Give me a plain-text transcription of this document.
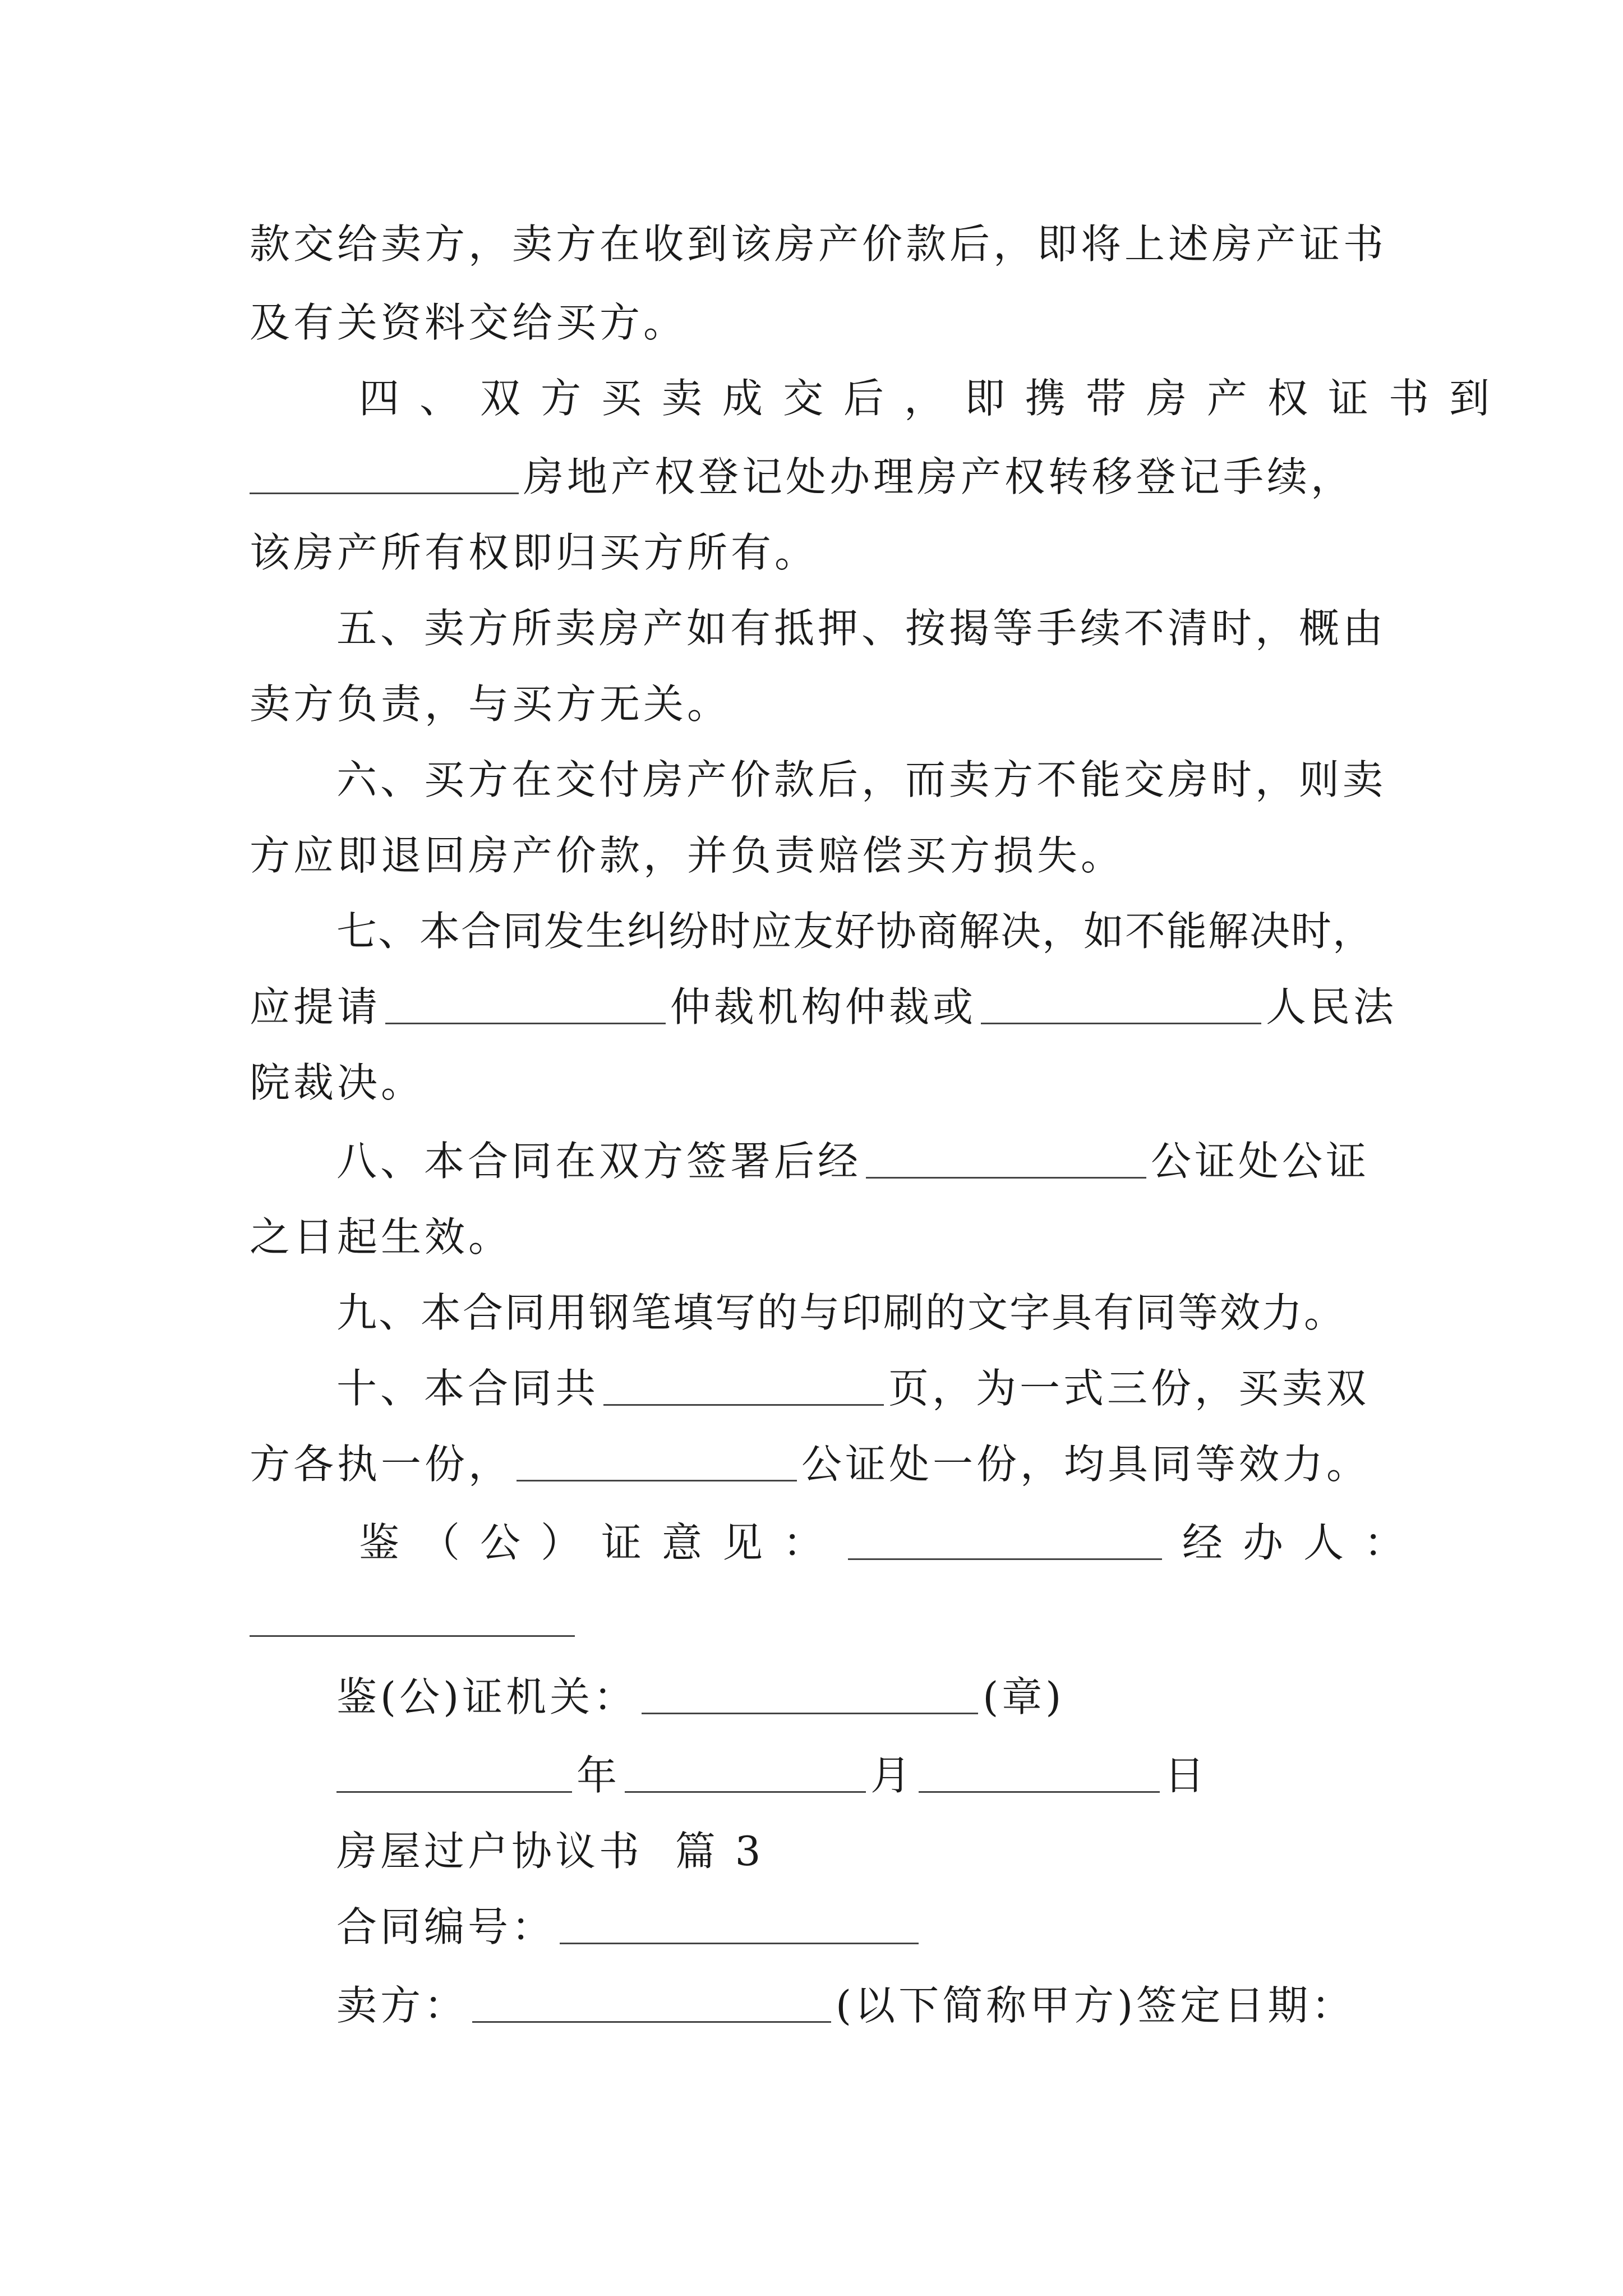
款交给卖方，卖方在收到该房产价款后，即将上述房产证书
及有关资料交给买方。
四、双方买卖成交后，即携带房产权证书到
房地产权登记处办理房产权转移登记手续，
该房产所有权即归买方所有。
五、卖方所卖房产如有抵押、按揭等手续不清时，概由
卖方负责，与买方无关。
六、买方在交付房产价款后，而卖方不能交房时，则卖
方应即退回房产价款，并负责赔偿买方损失。
七、本合同发生纠纷时应友好协商解决，如不能解决时，
应提请	仲裁机构仲裁或	人民法
院裁决。
八、本合同在双方签署后经	公证处公证
之日起生效。
九、本合同用钢笔填写的与印刷的文字具有同等效力。
十、本合同共	页，为一式三份，买卖双
方各执一份，	公证处一份，均具同等效力。
鉴（公）证意见：	经办人：
鉴(公)证机关：	(章)
年	月	日
房屋过户协议书  篇 3
合同编号：
卖方：	(以下简称甲方)签定日期：
